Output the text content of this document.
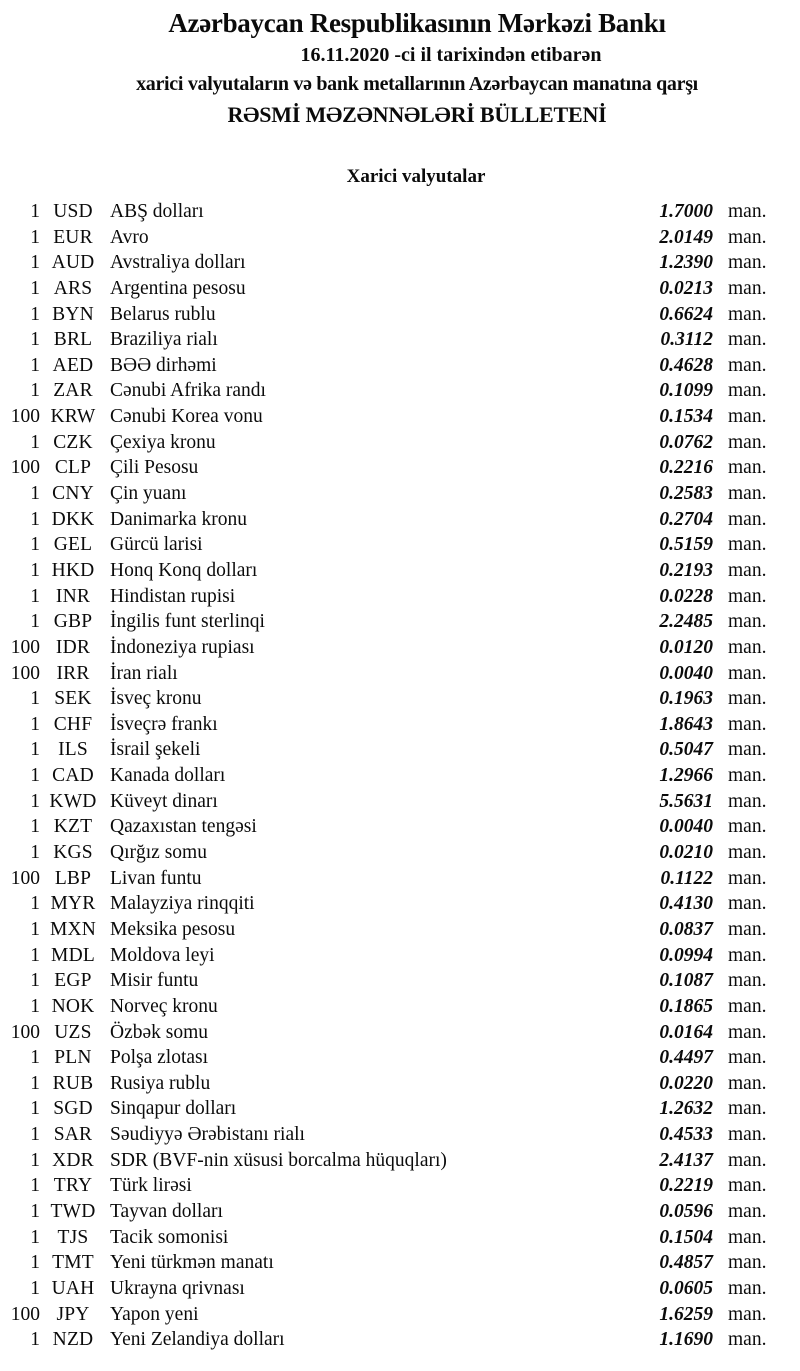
Azərbaycan Respublikasının Mərkəzi Bankı
16.11.2020 -ci il tarixindən etibarən
xarici valyutaların və bank metallarının Azərbaycan manatına qarşı
RƏSMİ MƏZƏNNƏLƏRİ BÜLLETENİ
Xarici valyutalar
1 USD ABŞ dolları	1.7000 man.
1 EUR Avro	2.0149 man.
1 AUD Avstraliya dolları	1.2390 man.
1 ARS Argentina pesosu	0.0213 man.
1 BYN Belarus rublu	0.6624 man.
1 BRL Braziliya rialı	0.3112 man.
1 AED BƏƏ dirhəmi	0.4628 man.
1 ZAR Cənubi Afrika randı	0.1099 man.
100 KRW Cənubi Korea vonu	0.1534 man.
1 CZK Çexiya kronu	0.0762 man.
100 CLP Çili Pesosu	0.2216 man.
1 CNY Çin yuanı	0.2583 man.
1 DKK Danimarka kronu	0.2704 man.
1 GEL Gürcü larisi	0.5159 man.
1 HKD Honq Konq dolları	0.2193 man.
1 INR	Hindistan rupisi	0.0228 man.
1 GBP İngilis funt sterlinqi	2.2485 man.
100 IDR	İndoneziya rupiası	0.0120 man.
100 IRR	İran rialı	0.0040 man.
1 SEK İsveç kronu	0.1963 man.
1 CHF İsveçrə frankı	1.8643 man.
1 ILS	İsrail şekeli	0.5047 man.
1 CAD Kanada dolları	1.2966 man.
1 KWD Küveyt dinarı	5.5631 man.
1 KZT Qazaxıstan tengəsi	0.0040 man.
1 KGS Qırğız somu	0.0210 man.
100 LBP Livan funtu	0.1122 man.
1 MYR Malayziya rinqqiti	0.4130 man.
1 MXN Meksika pesosu	0.0837 man.
1 MDL Moldova leyi	0.0994 man.
1 EGP Misir funtu	0.1087 man.
1 NOK Norveç kronu	0.1865 man.
100 UZS Özbək somu	0.0164 man.
1 PLN Polşa zlotası	0.4497 man.
1 RUB Rusiya rublu	0.0220 man.
1 SGD Sinqapur dolları	1.2632 man.
1 SAR Səudiyyə Ərəbistanı rialı	0.4533 man.
1 XDR SDR (BVF-nin xüsusi borcalma hüquqları)	2.4137 man.
1 TRY Türk lirəsi	0.2219 man.
1 TWD Tayvan dolları	0.0596 man.
1 TJS	Tacik somonisi	0.1504 man.
1 TMT Yeni türkmən manatı	0.4857 man.
1 UAH Ukrayna qrivnası	0.0605 man.
100 JPY	Yapon yeni	1.6259 man.
1 NZD Yeni Zelandiya dolları	1.1690 man.
